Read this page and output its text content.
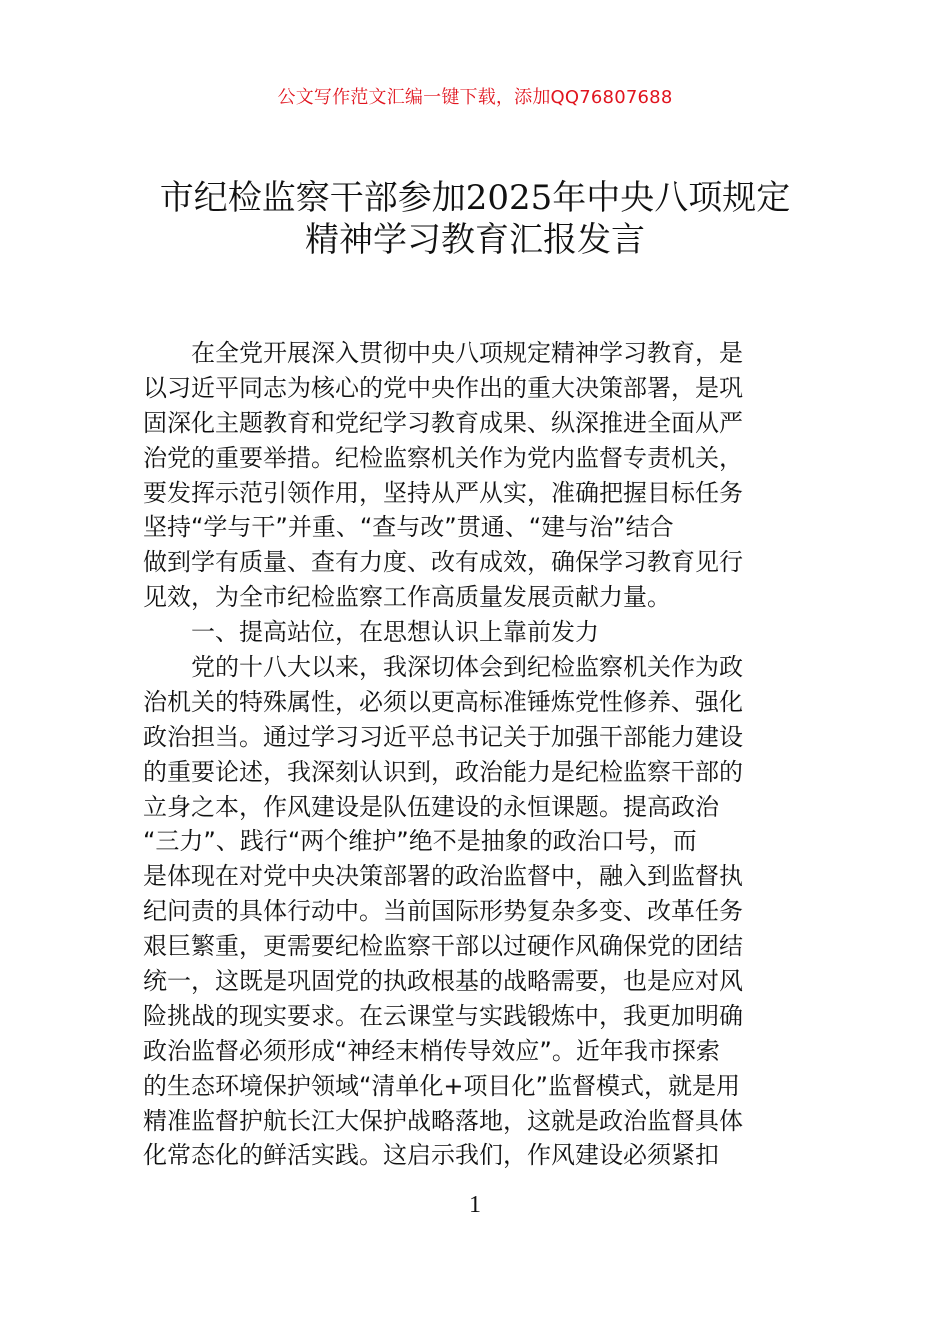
公文写作范文汇编一键下载，添加QQ76807688
市纪检监察干部参加2025年中央八项规定
精神学习教育汇报发言
在全党开展深入贯彻中央八项规定精神学习教育，是
以习近平同志为核心的党中央作出的重大决策部署，是巩
固深化主题教育和党纪学习教育成果、纵深推进全面从严
治党的重要举措。纪检监察机关作为党内监督专责机关，
要发挥示范引领作用，坚持从严从实，准确把握目标任务
坚持“学与干”并重、“查与改”贯通、“建与治”结合
做到学有质量、查有力度、改有成效，确保学习教育见行
见效，为全市纪检监察工作高质量发展贡献力量。
一、提高站位，在思想认识上靠前发力
党的十八大以来，我深切体会到纪检监察机关作为政
治机关的特殊属性，必须以更高标准锤炼党性修养、强化
政治担当。通过学习习近平总书记关于加强干部能力建设
的重要论述，我深刻认识到，政治能力是纪检监察干部的
立身之本，作风建设是队伍建设的永恒课题。提高政治
“三力”、践行“两个维护”绝不是抽象的政治口号，而
是体现在对党中央决策部署的政治监督中，融入到监督执
纪问责的具体行动中。当前国际形势复杂多变、改革任务
艰巨繁重，更需要纪检监察干部以过硬作风确保党的团结
统一，这既是巩固党的执政根基的战略需要，也是应对风
险挑战的现实要求。在云课堂与实践锻炼中，我更加明确
政治监督必须形成“神经末梢传导效应”。近年我市探索
的生态环境保护领域“清单化+项目化”监督模式，就是用
精准监督护航长江大保护战略落地，这就是政治监督具体
化常态化的鲜活实践。这启示我们，作风建设必须紧扣
1
